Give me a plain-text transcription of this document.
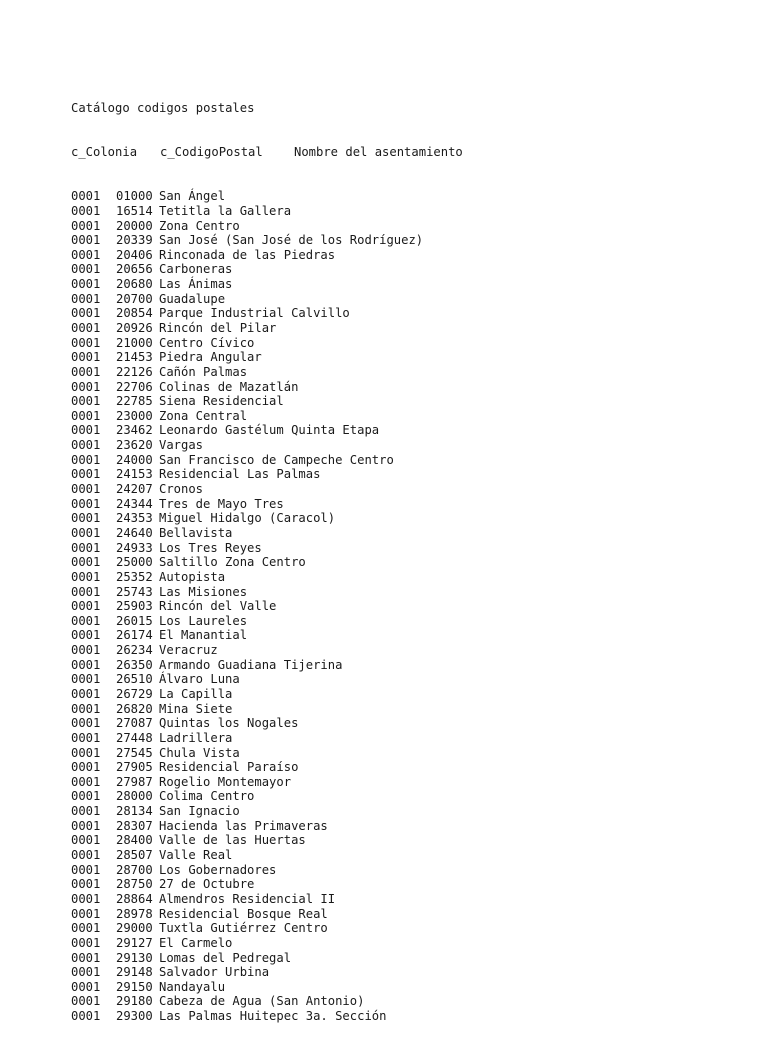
Catálogo codigos postales

c_Colonia c_CodigoPostal	Nombre del asentamiento

0001 01000 San Ángel
0001 16514 Tetitla la Gallera
0001 20000 Zona Centro
0001 20339 San José (San José de los Rodríguez)
0001 20406 Rinconada de las Piedras
0001 20656 Carboneras
0001 20680 Las Ánimas
0001 20700 Guadalupe
0001 20854 Parque Industrial Calvillo
0001 20926 Rincón del Pilar
0001 21000 Centro Cívico
0001 21453 Piedra Angular
0001 22126 Cañón Palmas
0001 22706 Colinas de Mazatlán
0001 22785 Siena Residencial
0001 23000 Zona Central
0001 23462 Leonardo Gastélum Quinta Etapa
0001 23620 Vargas
0001 24000 San Francisco de Campeche Centro
0001 24153 Residencial Las Palmas
0001 24207 Cronos
0001 24344 Tres de Mayo Tres
0001 24353 Miguel Hidalgo (Caracol)
0001 24640 Bellavista
0001 24933 Los Tres Reyes
0001 25000 Saltillo Zona Centro
0001 25352 Autopista
0001 25743 Las Misiones
0001 25903 Rincón del Valle
0001 26015 Los Laureles
0001 26174 El Manantial
0001 26234 Veracruz
0001 26350 Armando Guadiana Tijerina
0001 26510 Álvaro Luna
0001 26729 La Capilla
0001 26820 Mina Siete
0001 27087 Quintas los Nogales
0001 27448 Ladrillera
0001 27545 Chula Vista
0001 27905 Residencial Paraíso
0001 27987 Rogelio Montemayor
0001 28000 Colima Centro
0001 28134 San Ignacio
0001 28307 Hacienda las Primaveras
0001 28400 Valle de las Huertas
0001 28507 Valle Real
0001 28700 Los Gobernadores
0001 28750 27 de Octubre
0001 28864 Almendros Residencial II
0001 28978 Residencial Bosque Real
0001 29000 Tuxtla Gutiérrez Centro
0001 29127 El Carmelo
0001 29130 Lomas del Pedregal
0001 29148 Salvador Urbina
0001 29150 Nandayalu
0001 29180 Cabeza de Agua (San Antonio)
0001 29300 Las Palmas Huitepec 3a. Sección
